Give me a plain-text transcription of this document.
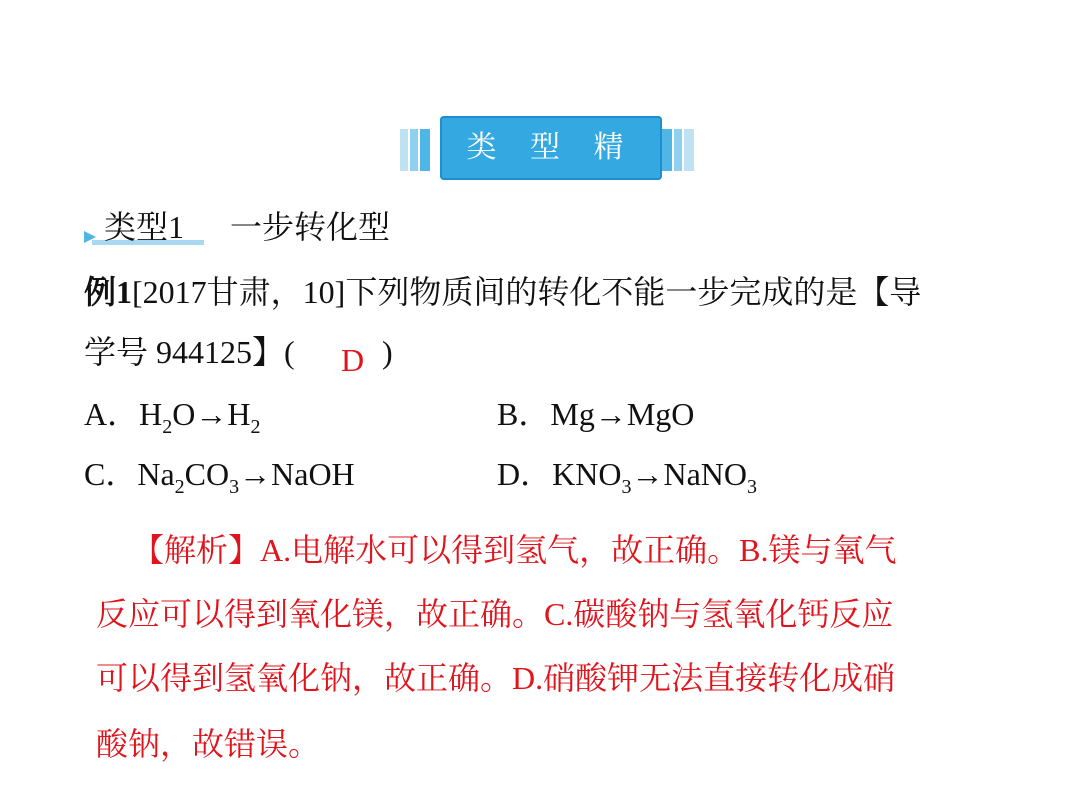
类 型 精 讲
类型1 一步转化型
例1[2017甘肃，10]下列物质间的转化不能一步完成的是【导
学号 944125】( D )
A．$H_2O\to H_2$	B．Mg→MgO
C．$Na_2CO_3\to NaOH$	D．$KNO_3\to NaNO_3$
【解析】A.电解水可以得到氢气，故正确。B.镁与氧气
反应可以得到氧化镁，故正确。C.碳酸钠与氢氧化钙反应
可以得到氢氧化钠，故正确。D.硝酸钾无法直接转化成硝
酸钠，故错误。
